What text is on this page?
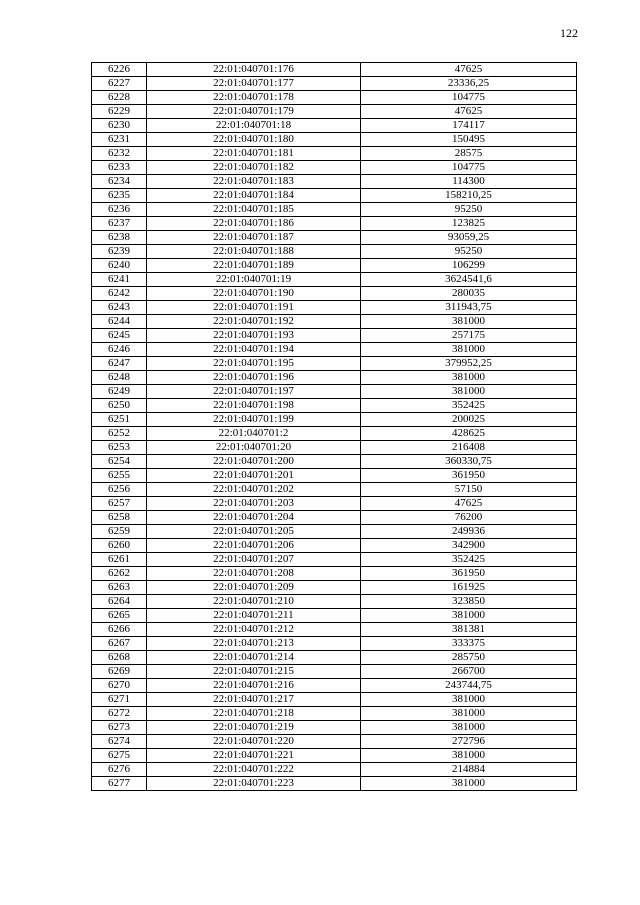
122
6226	22:01:040701:176	47625
6227	22:01:040701:177	23336,25
6228	22:01:040701:178	104775
6229	22:01:040701:179	47625
6230	22:01:040701:18	174117
6231	22:01:040701:180	150495
6232	22:01:040701:181	28575
6233	22:01:040701:182	104775
6234	22:01:040701:183	114300
6235	22:01:040701:184	158210,25
6236	22:01:040701:185	95250
6237	22:01:040701:186	123825
6238	22:01:040701:187	93059,25
6239	22:01:040701:188	95250
6240	22:01:040701:189	106299
6241	22:01:040701:19	3624541,6
6242	22:01:040701:190	280035
6243	22:01:040701:191	311943,75
6244	22:01:040701:192	381000
6245	22:01:040701:193	257175
6246	22:01:040701:194	381000
6247	22:01:040701:195	379952,25
6248	22:01:040701:196	381000
6249	22:01:040701:197	381000
6250	22:01:040701:198	352425
6251	22:01:040701:199	200025
6252	22:01:040701:2	428625
6253	22:01:040701:20	216408
6254	22:01:040701:200	360330,75
6255	22:01:040701:201	361950
6256	22:01:040701:202	57150
6257	22:01:040701:203	47625
6258	22:01:040701:204	76200
6259	22:01:040701:205	249936
6260	22:01:040701:206	342900
6261	22:01:040701:207	352425
6262	22:01:040701:208	361950
6263	22:01:040701:209	161925
6264	22:01:040701:210	323850
6265	22:01:040701:211	381000
6266	22:01:040701:212	381381
6267	22:01:040701:213	333375
6268	22:01:040701:214	285750
6269	22:01:040701:215	266700
6270	22:01:040701:216	243744,75
6271	22:01:040701:217	381000
6272	22:01:040701:218	381000
6273	22:01:040701:219	381000
6274	22:01:040701:220	272796
6275	22:01:040701:221	381000
6276	22:01:040701:222	214884
6277	22:01:040701:223	381000
